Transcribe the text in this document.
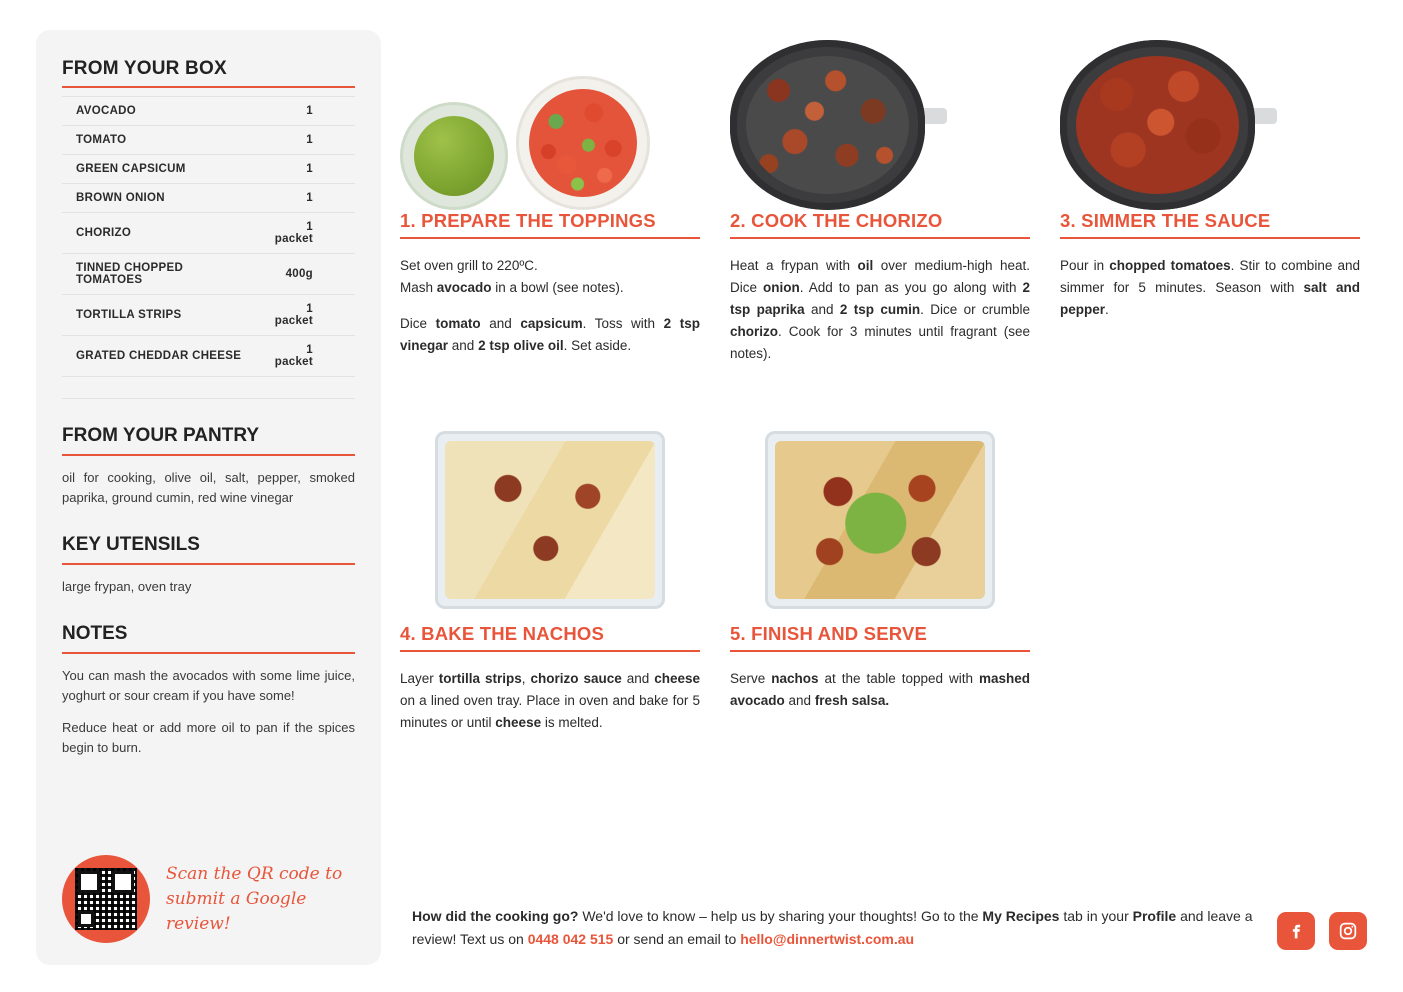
FROM YOUR BOX
AVOCADO	1
TOMATO	1
GREEN CAPSICUM	1
BROWN ONION	1
CHORIZO	1 packet
TINNED CHOPPED TOMATOES	400g
TORTILLA STRIPS	1 packet
GRATED CHEDDAR CHEESE	1 packet

FROM YOUR PANTRY

oil for cooking, olive oil, salt, pepper, smoked paprika, ground cumin, red wine vinegar

KEY UTENSILS

large frypan, oven tray

NOTES

You can mash the avocados with some lime juice, yoghurt or sour cream if you have some!

Reduce heat or add more oil to pan if the spices begin to burn.

Scan the QR code to
submit a Google review!
1. PREPARE THE TOPPINGS

Set oven grill to 220ºC.
Mash avocado in a bowl (see notes).

Dice tomato and capsicum. Toss with 2 tsp vinegar and 2 tsp olive oil. Set aside.

2. COOK THE CHORIZO

Heat a frypan with oil over medium-high heat. Dice onion. Add to pan as you go along with 2 tsp paprika and 2 tsp cumin. Dice or crumble chorizo. Cook for 3 minutes until fragrant (see notes).

3. SIMMER THE SAUCE

Pour in chopped tomatoes. Stir to combine and simmer for 5 minutes. Season with salt and pepper.

4. BAKE THE NACHOS

Layer tortilla strips, chorizo sauce and cheese on a lined oven tray. Place in oven and bake for 5 minutes or until cheese is melted.

5. FINISH AND SERVE

Serve nachos at the table topped with mashed avocado and fresh salsa.

How did the cooking go? We'd love to know – help us by sharing your thoughts! Go to the My Recipes tab in your Profile and leave a review! Text us on 0448 042 515 or send an email to hello@dinnertwist.com.au
